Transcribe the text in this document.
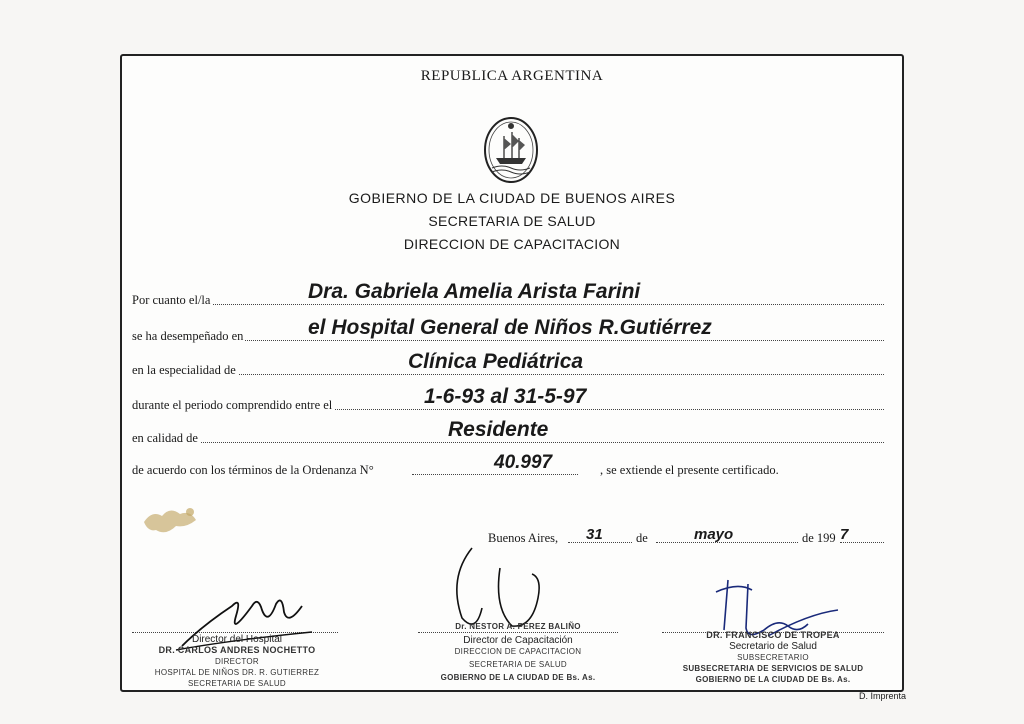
REPUBLICA ARGENTINA
GOBIERNO DE LA CIUDAD DE BUENOS AIRES
SECRETARIA DE SALUD
DIRECCION DE CAPACITACION
Por cuanto el/la	Dra. Gabriela Amelia Arista Farini
se ha desempeñado en	el Hospital General de Niños R.Gutiérrez
en la especialidad de	Clínica Pediátrica
durante el periodo comprendido entre el	1-6-93 al 31-5-97
en calidad de	Residente
de acuerdo con los términos de la Ordenanza N°	40.997	, se extiende el presente certificado.
Buenos Aires, 31	de	mayo	de 199 7
Director del Hospital
DR. CARLOS ANDRES NOCHETTO
DIRECTOR
HOSPITAL DE NIÑOS DR. R. GUTIERREZ
SECRETARIA DE SALUD
Dr. NESTOR A. PEREZ BALIÑO
Director de Capacitación
DIRECCION DE CAPACITACION
SECRETARIA DE SALUD
GOBIERNO DE LA CIUDAD DE Bs. As.
DR. FRANCISCO DE TROPEA
Secretario de Salud
SUBSECRETARIO
SUBSECRETARIA DE SERVICIOS DE SALUD
GOBIERNO DE LA CIUDAD DE Bs. As.
D. Imprenta
